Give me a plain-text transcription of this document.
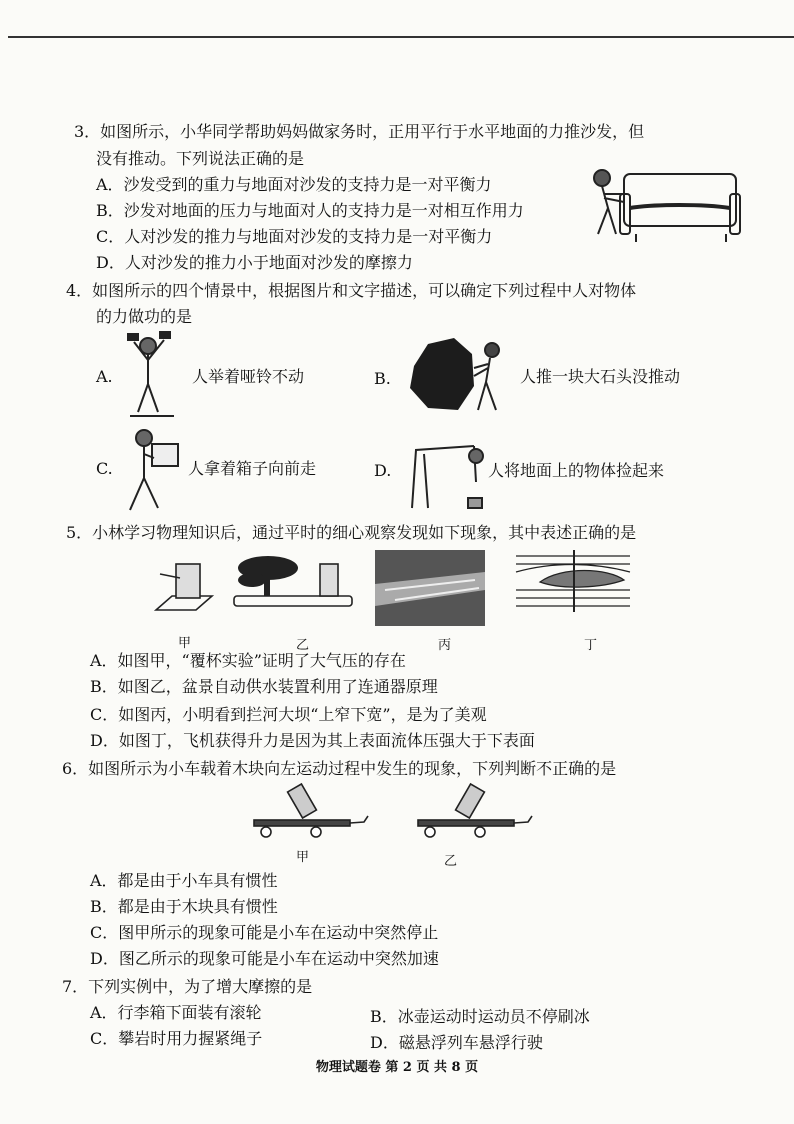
3．如图所示，小华同学帮助妈妈做家务时，正用平行于水平地面的力推沙发，但
没有推动。下列说法正确的是
A．沙发受到的重力与地面对沙发的支持力是一对平衡力
B．沙发对地面的压力与地面对人的支持力是一对相互作用力
C．人对沙发的推力与地面对沙发的支持力是一对平衡力
D．人对沙发的推力小于地面对沙发的摩擦力
4．如图所示的四个情景中，根据图片和文字描述，可以确定下列过程中人对物体
的力做功的是
A.	人举着哑铃不动	B.	人推一块大石头没推动
C.	人拿着箱子向前走	D.	人将地面上的物体捡起来
5．小林学习物理知识后，通过平时的细心观察发现如下现象，其中表述正确的是
甲	乙	丙	丁
A．如图甲，“覆杯实验”证明了大气压的存在
B．如图乙，盆景自动供水装置利用了连通器原理
C．如图丙，小明看到拦河大坝“上窄下宽”，是为了美观
D．如图丁，飞机获得升力是因为其上表面流体压强大于下表面
6．如图所示为小车载着木块向左运动过程中发生的现象，下列判断不正确的是
甲	乙
A．都是由于小车具有惯性
B．都是由于木块具有惯性
C．图甲所示的现象可能是小车在运动中突然停止
D．图乙所示的现象可能是小车在运动中突然加速
7．下列实例中，为了增大摩擦的是
A．行李箱下面装有滚轮	B．冰壶运动时运动员不停刷冰
C．攀岩时用力握紧绳子	D．磁悬浮列车悬浮行驶
物理试题卷 第 2 页 共 8 页
